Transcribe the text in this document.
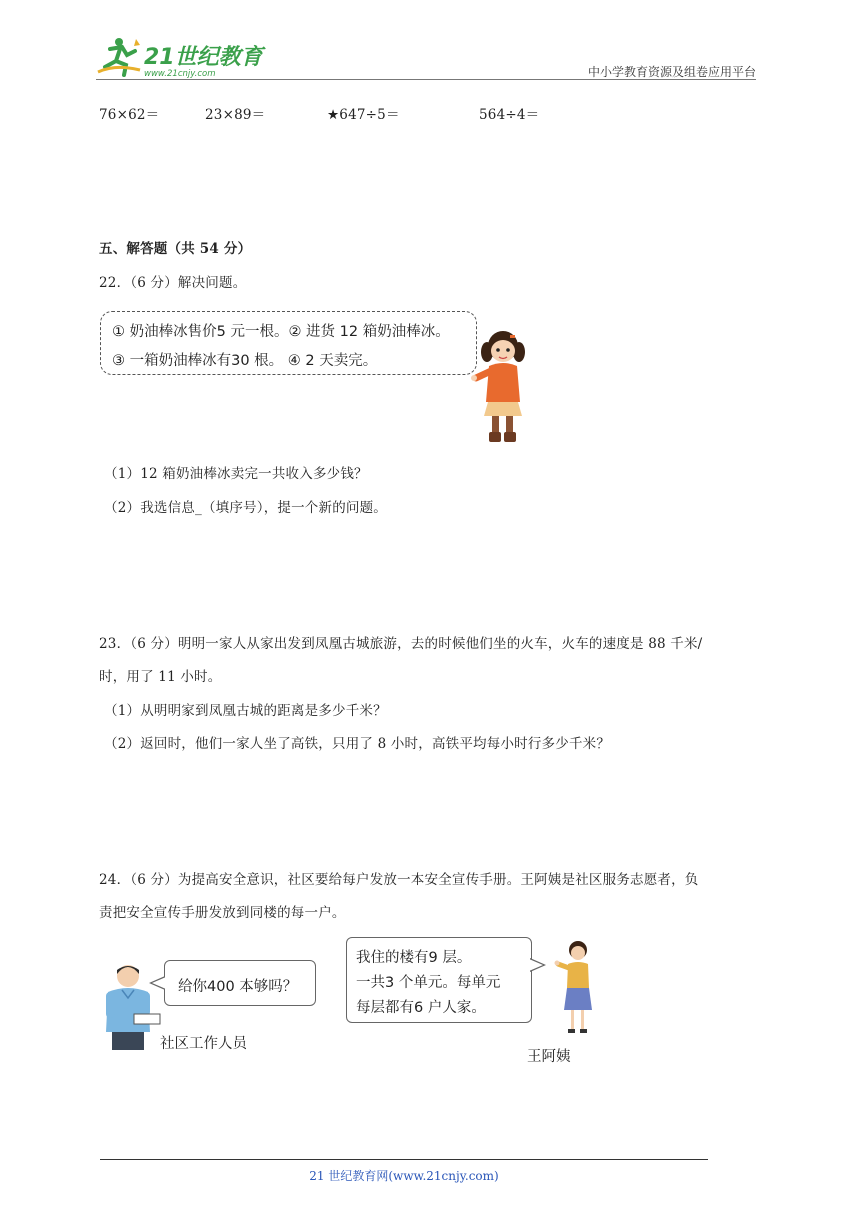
21世纪教育
www.21cnjy.com	中小学教育资源及组卷应用平台
76×62＝	23×89＝	★647÷5＝	564÷4＝
五、解答题（共 54 分）
22．（6 分）解决问题。
① 奶油棒冰售价5 元一根。② 进货 12 箱奶油棒冰。
③ 一箱奶油棒冰有30 根。 ④ 2 天卖完。
（1）12 箱奶油棒冰卖完一共收入多少钱？
（2）我选信息_（填序号），提一个新的问题。
23．（6 分）明明一家人从家出发到凤凰古城旅游，去的时候他们坐的火车，火车的速度是 88 千米/
时，用了 11 小时。
（1）从明明家到凤凰古城的距离是多少千米？
（2）返回时，他们一家人坐了高铁，只用了 8 小时，高铁平均每小时行多少千米？
24．（6 分）为提高安全意识，社区要给每户发放一本安全宣传手册。王阿姨是社区服务志愿者，负
责把安全宣传手册发放到同楼的每一户。
给你400 本够吗？
社区工作人员
我住的楼有9 层。
一共3 个单元。每单元
每层都有6 户人家。
王阿姨
21 世纪教育网(www.21cnjy.com)
